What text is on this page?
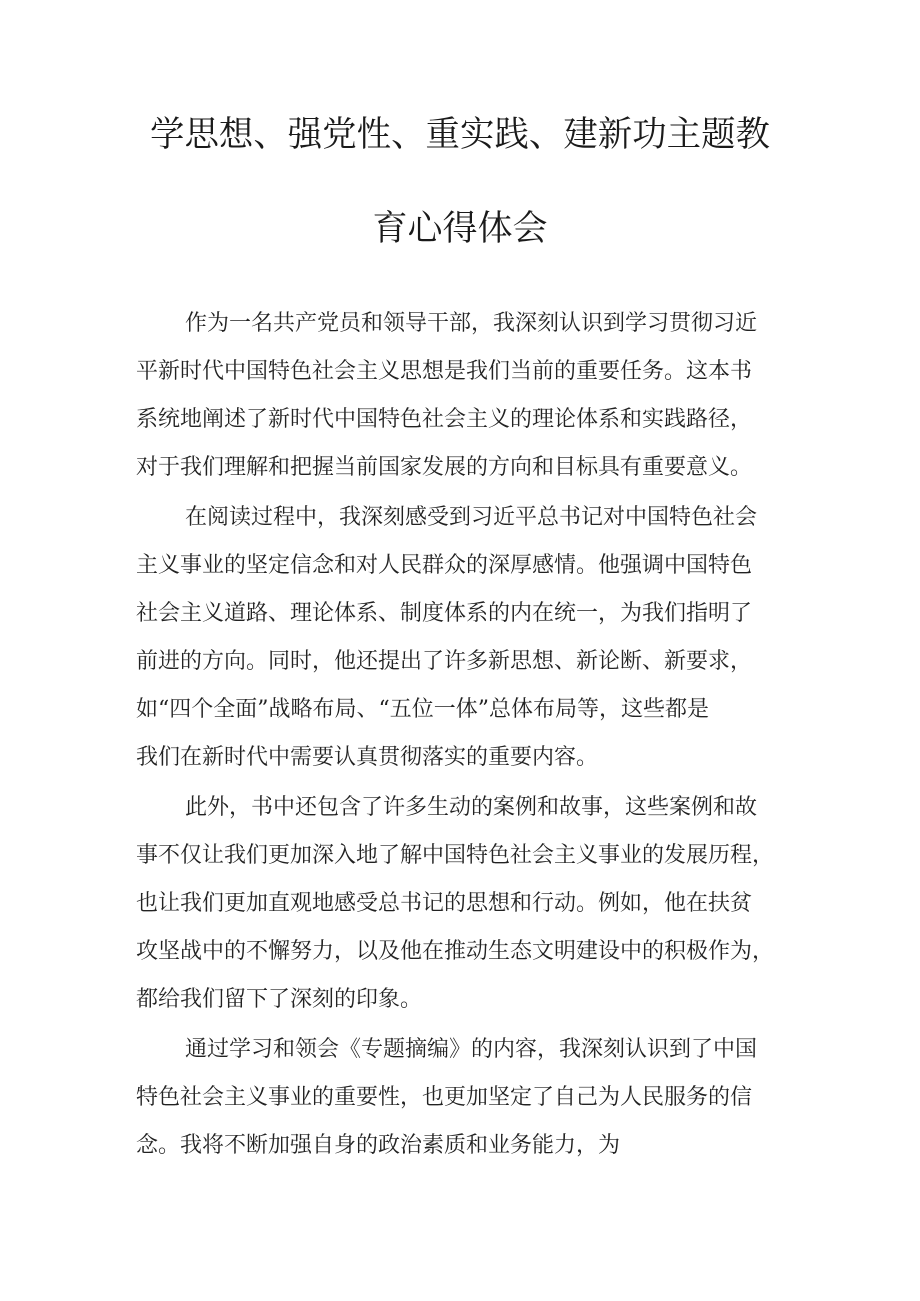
学思想、强党性、重实践、建新功主题教
育心得体会
作为一名共产党员和领导干部，我深刻认识到学习贯彻习近
平新时代中国特色社会主义思想是我们当前的重要任务。这本书
系统地阐述了新时代中国特色社会主义的理论体系和实践路径，
对于我们理解和把握当前国家发展的方向和目标具有重要意义。
在阅读过程中，我深刻感受到习近平总书记对中国特色社会
主义事业的坚定信念和对人民群众的深厚感情。他强调中国特色
社会主义道路、理论体系、制度体系的内在统一，为我们指明了
前进的方向。同时，他还提出了许多新思想、新论断、新要求，
如“四个全面”战略布局、“五位一体”总体布局等，这些都是
我们在新时代中需要认真贯彻落实的重要内容。
此外，书中还包含了许多生动的案例和故事，这些案例和故
事不仅让我们更加深入地了解中国特色社会主义事业的发展历程，
也让我们更加直观地感受总书记的思想和行动。例如，他在扶贫
攻坚战中的不懈努力，以及他在推动生态文明建设中的积极作为，
都给我们留下了深刻的印象。
通过学习和领会《专题摘编》的内容，我深刻认识到了中国
特色社会主义事业的重要性，也更加坚定了自己为人民服务的信
念。我将不断加强自身的政治素质和业务能力，为
